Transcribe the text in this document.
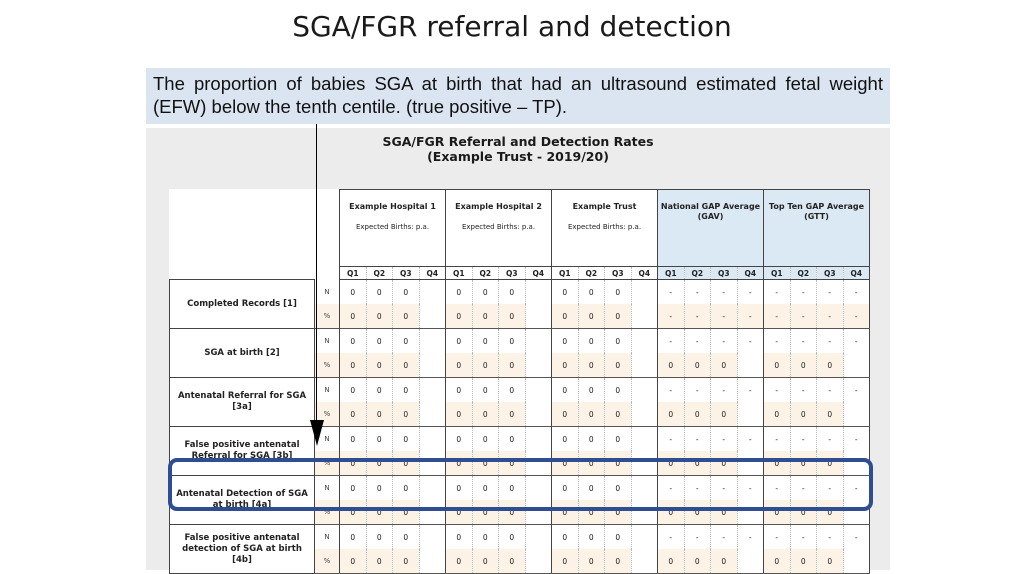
SGA/FGR referral and detection
The proportion of babies SGA at birth that had an ultrasound estimated fetal weight (EFW) below the tenth centile. (true positive – TP).
SGA/FGR Referral and Detection Rates
(Example Trust - 2019/20)

		Example Hospital 1
Expected Births: p.a.				Example Hospital 2
Expected Births: p.a.				Example Trust
Expected Births: p.a.				National GAP Average (GAV)				Top Ten GAP Average (GTT)			

		Q1	Q2	Q3	Q4	Q1	Q2	Q3	Q4	Q1	Q2	Q3	Q4	Q1	Q2	Q3	Q4	Q1	Q2	Q3	Q4
Completed Records [1]	N	0	0	0		0	0	0		0	0	0		-	-	-	-	-	-	-	-
	%	0	0	0		0	0	0		0	0	0		-	-	-	-	-	-	-	-
SGA at birth [2]	N	0	0	0		0	0	0		0	0	0		-	-	-	-	-	-	-	-
	%	0	0	0		0	0	0		0	0	0		0	0	0		0	0	0	
Antenatal Referral for SGA [3a]	N	0	0	0		0	0	0		0	0	0		-	-	-	-	-	-	-	-
	%	0	0	0		0	0	0		0	0	0		0	0	0		0	0	0	
False positive antenatal Referral for SGA [3b]	N	0	0	0		0	0	0		0	0	0		-	-	-	-	-	-	-	-
	%	0	0	0		0	0	0		0	0	0		0	0	0		0	0	0	
Antenatal Detection of SGA at birth [4a]	N	0	0	0		0	0	0		0	0	0		-	-	-	-	-	-	-	-
	%	0	0	0		0	0	0		0	0	0		0	0	0		0	0	0	
False positive antenatal detection of SGA at birth [4b]	N	0	0	0		0	0	0		0	0	0		-	-	-	-	-	-	-	-
	%	0	0	0		0	0	0		0	0	0		0	0	0		0	0	0	
